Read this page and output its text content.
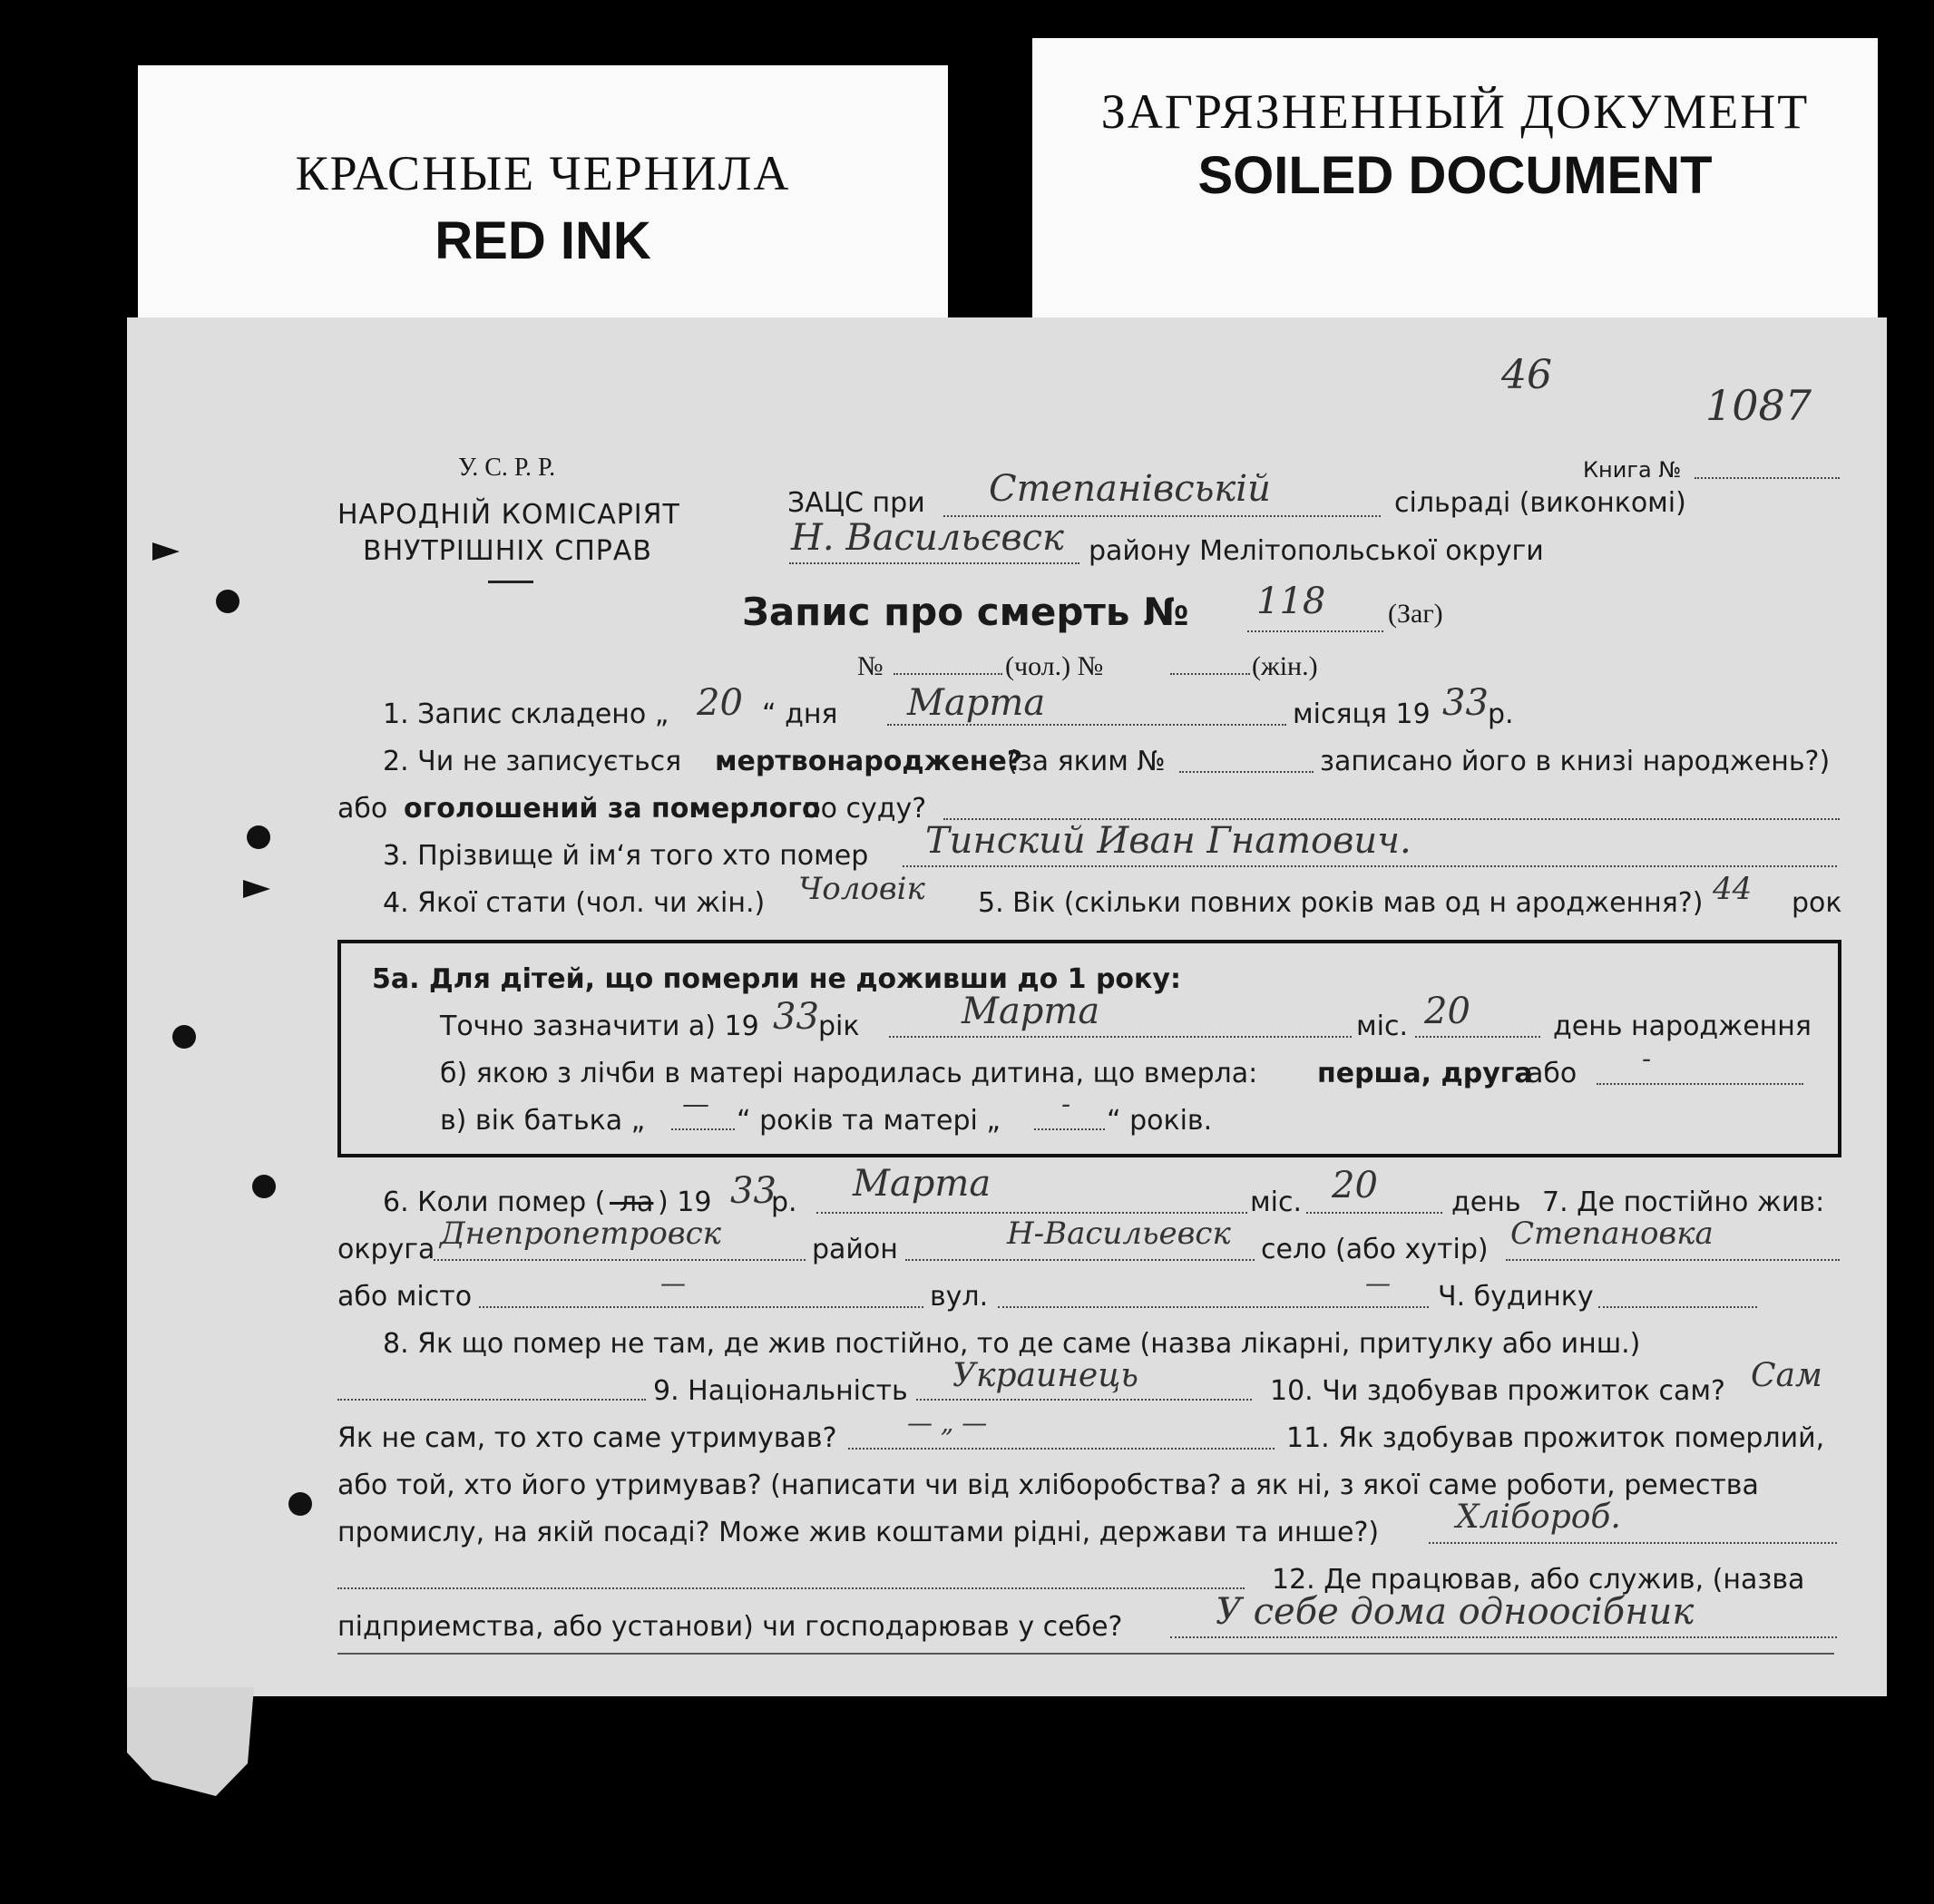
КРАСНЫЕ ЧЕРНИЛА
RED INK
ЗАГРЯЗНЕННЫЙ ДОКУМЕНТ
SOILED DOCUMENT
46
1087
У. С. Р. Р.
НАРОДНІЙ КОМІСАРІЯТ
ВНУТРІШНІХ СПРАВ
Книга №
ЗАЦС при Степанівській	сільраді (виконкомі)
Н. Васильєвск району Мелітопольської округи
Запис про смерть № 118 (Заг)
№	(чол.) №	(жін.)
1. Запис складено „ 20 “ дня Марта	місяця 19 33 р.
2. Чи не записується мертвонароджене?
(за яким №	записано його в книзі народжень?)
або оголошений за померлого
по суду?
3. Прізвище й ім‘я того хто помер Тинский Иван Гнатович.
4. Якої стати (чол. чи жін.) Чоловік 5. Вік (скільки повних років мав од н ародження?) 44 рок
5а. Для дітей, що померли не доживши до 1 року:
Точно зазначити а) 19 33 рік	Марта	міс. 20	день народження
б) якою з лічби в матері народилась дитина, що вмерла: перша, друга
або -
в) вік батька „
—
“ років та матері „
-
“ років.
6. Коли помер ( -ла ) 19 33
р. Марта	міс. 20	день 7. Де постійно жив:
округа Днепропетровск	район	Н-Васильевск село (або хутір) Степановка
або місто	—	вул.	— Ч. будинку
8. Як що помер не там, де жив постійно, то де саме (назва лікарні, притулку або инш.)
9. Національність Украинець	10. Чи здобував прожиток сам? Сам
Як не сам, то хто саме утримував?	— „ —	11. Як здобував прожиток померлий,
або той, хто його утримував? (написати чи від хліборобства? а як ні, з якої саме роботи, ремества
промислу, на якій посаді? Може жив коштами рідні, держави та инше?) Хлібороб.
12. Де працював, або служив, (назва
підприемства, або установи) чи господарював у себе?	У себе дома одноосібник
